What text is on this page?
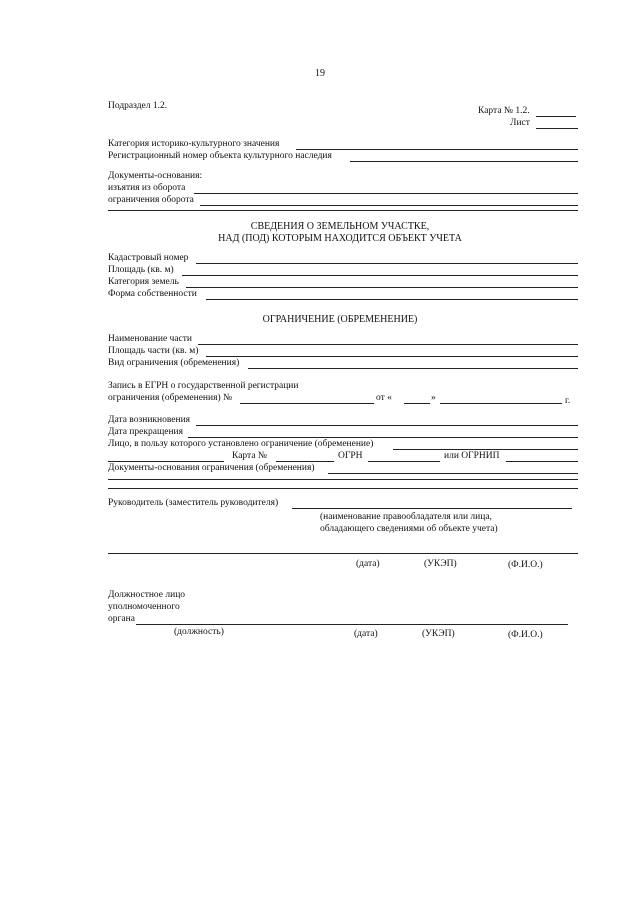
19
Подраздел 1.2.	Карта № 1.2.
Лист
Категория историко-культурного значения
Регистрационный номер объекта культурного наследия
Документы-основания:
изъятия из оборота
ограничения оборота
СВЕДЕНИЯ О ЗЕМЕЛЬНОМ УЧАСТКЕ,
НАД (ПОД) КОТОРЫМ НАХОДИТСЯ ОБЪЕКТ УЧЕТА
Кадастровый номер
Площадь (кв. м)
Категория земель
Форма собственности
ОГРАНИЧЕНИЕ (ОБРЕМЕНЕНИЕ)
Наименование части
Площадь части (кв. м)
Вид ограничения (обременения)
Запись в ЕГРН о государственной регистрации
ограничения (обременения) №	от «	»	г.
Дата возникновения
Дата прекращения
Лицо, в пользу которого установлено ограничение (обременение)
Карта №	ОГРН	или ОГРНИП
Документы-основания ограничения (обременения)
Руководитель (заместитель руководителя)
(наименование правообладателя или лица,
обладающего сведениями об объекте учета)
(дата)	(УКЭП)	(Ф.И.О.)
Должностное лицо
уполномоченного
органа
(должность)	(дата)	(УКЭП)	(Ф.И.О.)
